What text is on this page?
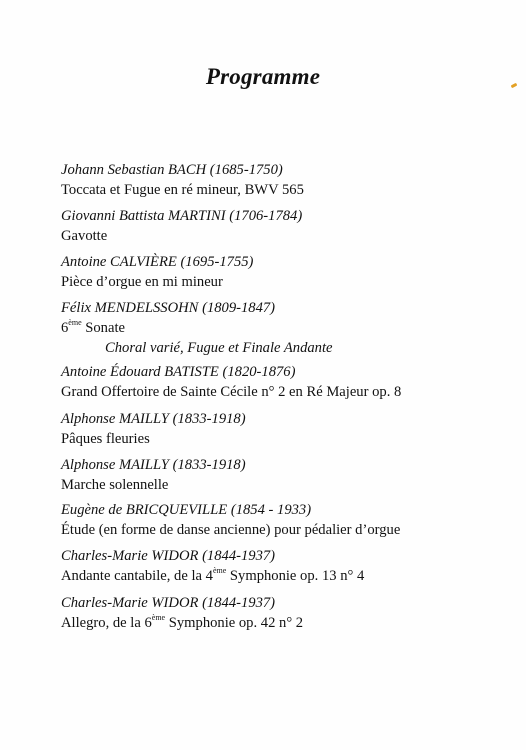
Programme
Johann Sebastian BACH (1685-1750)
Toccata et Fugue en ré mineur, BWV 565
Giovanni Battista MARTINI (1706-1784)
Gavotte
Antoine CALVIÈRE (1695-1755)
Pièce d’orgue en mi mineur
Félix MENDELSSOHN (1809-1847)
6ème Sonate
Choral varié, Fugue et Finale Andante
Antoine Édouard BATISTE (1820-1876)
Grand Offertoire de Sainte Cécile n° 2 en Ré Majeur op. 8
Alphonse MAILLY (1833-1918)
Pâques fleuries
Alphonse MAILLY (1833-1918)
Marche solennelle
Eugène de BRICQUEVILLE (1854 - 1933)
Étude (en forme de danse ancienne) pour pédalier d’orgue
Charles-Marie WIDOR (1844-1937)
Andante cantabile, de la 4ème Symphonie op. 13 n° 4
Charles-Marie WIDOR (1844-1937)
Allegro, de la 6ème Symphonie op. 42 n° 2
